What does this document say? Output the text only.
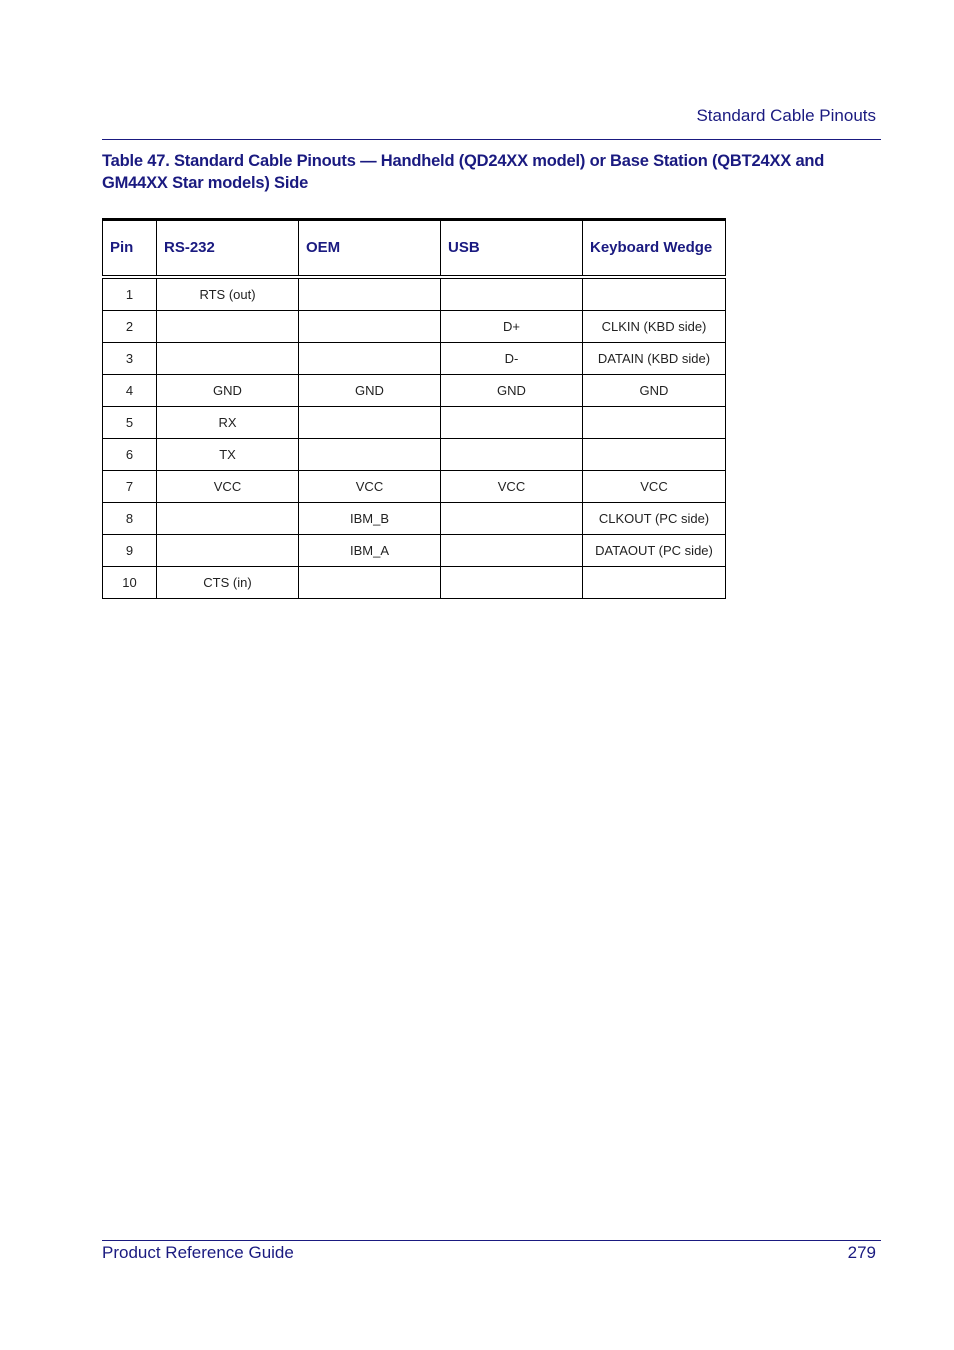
Standard Cable Pinouts
Table 47. Standard Cable Pinouts — Handheld (QD24XX model) or Base Station (QBT24XX and GM44XX Star models) Side
Pin	RS-232	OEM	USB	Keyboard Wedge
1	RTS (out)			
2			D+	CLKIN (KBD side)
3			D-	DATAIN (KBD side)
4	GND	GND	GND	GND
5	RX			
6	TX			
7	VCC	VCC	VCC	VCC
8		IBM_B		CLKOUT (PC side)
9		IBM_A		DATAOUT (PC side)
10	CTS (in)			
Product Reference Guide	279
